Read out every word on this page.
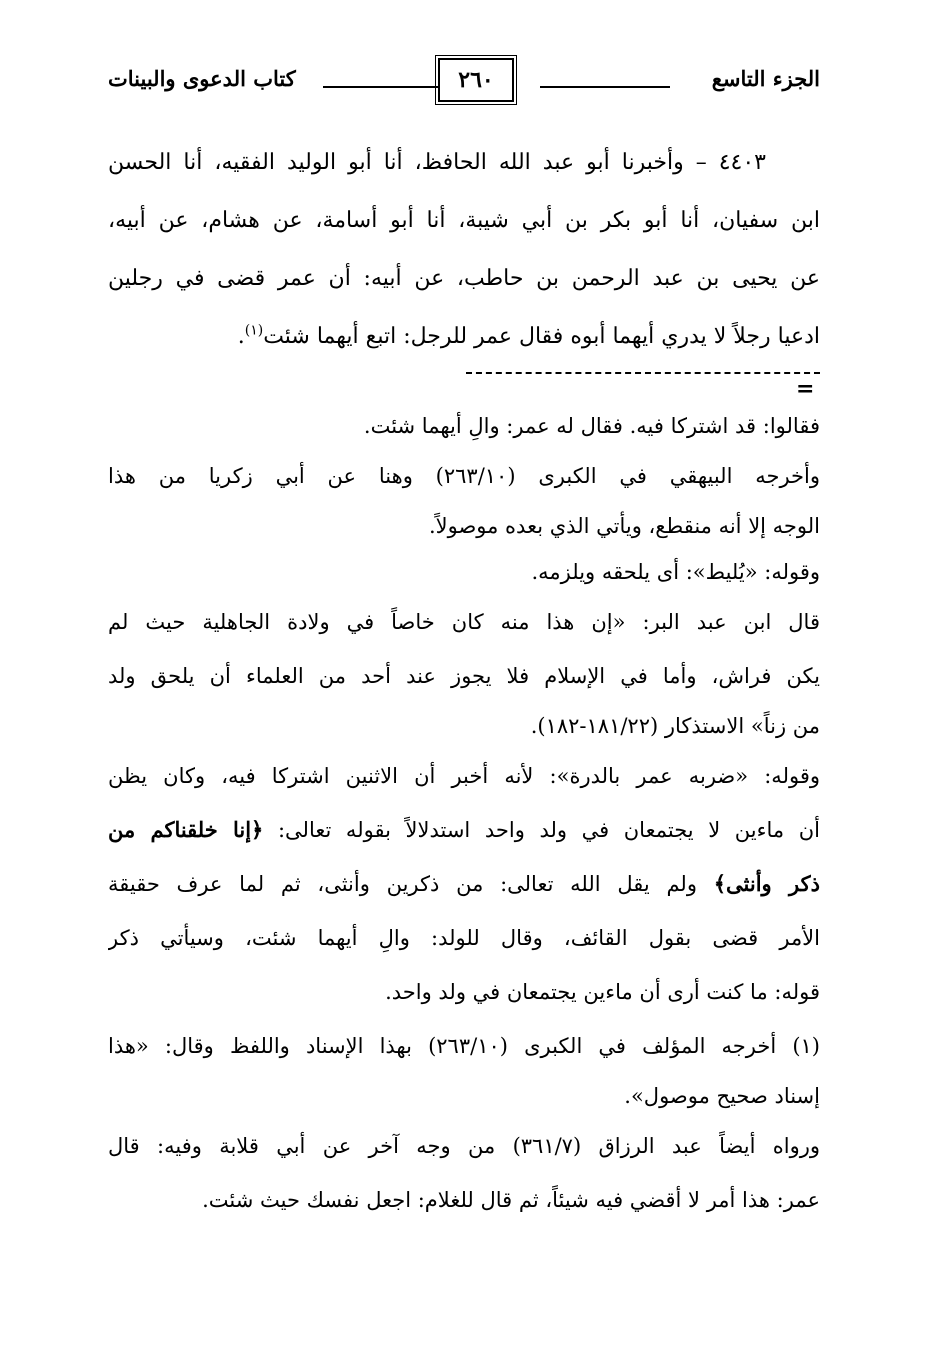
الجزء التاسع
٢٦٠
كتاب الدعوى والبينات
٤٤٠٣ – وأخبرنا أبو عبد الله الحافظ، أنا أبو الوليد الفقيه، أنا الحسن
ابن سفيان، أنا أبو بكر بن أبي شيبة، أنا أبو أسامة، عن هشام، عن أبيه،
عن يحيى بن عبد الرحمن بن حاطب، عن أبيه: أن عمر قضى في رجلين
ادعيا رجلاً لا يدري أيهما أبوه فقال عمر للرجل: اتبع أيهما شئت$^{(١)}$.
=
فقالوا: قد اشتركا فيه. فقال له عمر: والِ أيهما شئت.
وأخرجه البيهقي في الكبرى (٢٦٣/١٠) وهنا عن أبي زكريا من هذا
الوجه إلا أنه منقطع، ويأتي الذي بعده موصولاً.
وقوله: «يُليط»: أى يلحقه ويلزمه.
قال ابن عبد البر: «إن هذا منه كان خاصاً في ولادة الجاهلية حيث لم
يكن فراش، وأما في الإسلام فلا يجوز عند أحد من العلماء أن يلحق ولد
من زناً» الاستذكار (١٨١/٢٢-١٨٢).
وقوله: «ضربه عمر بالدرة»: لأنه أخبر أن الاثنين اشتركا فيه، وكان يظن
أن ماءين لا يجتمعان في ولد واحد استدلالاً بقوله تعالى: ﴿إنا خلقناكم من
ذكر وأنثى﴾ ولم يقل الله تعالى: من ذكرين وأنثى، ثم لما عرف حقيقة
الأمر قضى بقول القائف، وقال للولد: والِ أيهما شئت، وسيأتي ذكر
قوله: ما كنت أرى أن ماءين يجتمعان في ولد واحد.
(١) أخرجه المؤلف في الكبرى (٢٦٣/١٠) بهذا الإسناد واللفظ وقال: «هذا
إسناد صحيح موصول».
ورواه أيضاً عبد الرزاق (٣٦١/٧) من وجه آخر عن أبي قلابة وفيه: قال
عمر: هذا أمر لا أقضي فيه شيئاً، ثم قال للغلام: اجعل نفسك حيث شئت.
